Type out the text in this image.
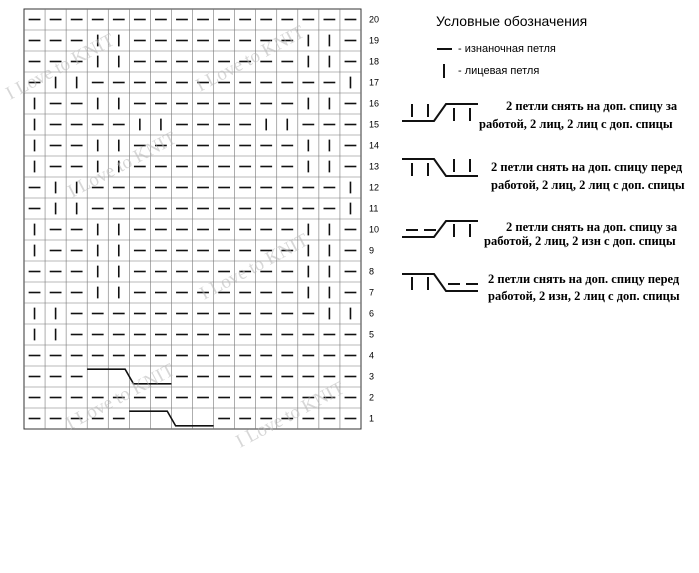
1
2
3
4
5
6
7
8
9
10
11
12
13
14
15
16
17
18
19
20
I Love to KNIT	I Love to KNIT
I Love to KNIT
I Love to KNIT
I Love to KNIT	I Love to KNIT
Условные обозначения
- изнаночная петля
- лицевая петля
2 петли снять на доп. спицу за
работой, 2 лиц, 2 лиц с доп. спицы
2 петли снять на доп. спицу перед
работой, 2 лиц, 2 лиц с доп. спицы
2 петли снять на доп. спицу за
работой, 2 лиц, 2 изн с доп. спицы
2 петли снять на доп. спицу перед
работой, 2 изн, 2 лиц с доп. спицы
